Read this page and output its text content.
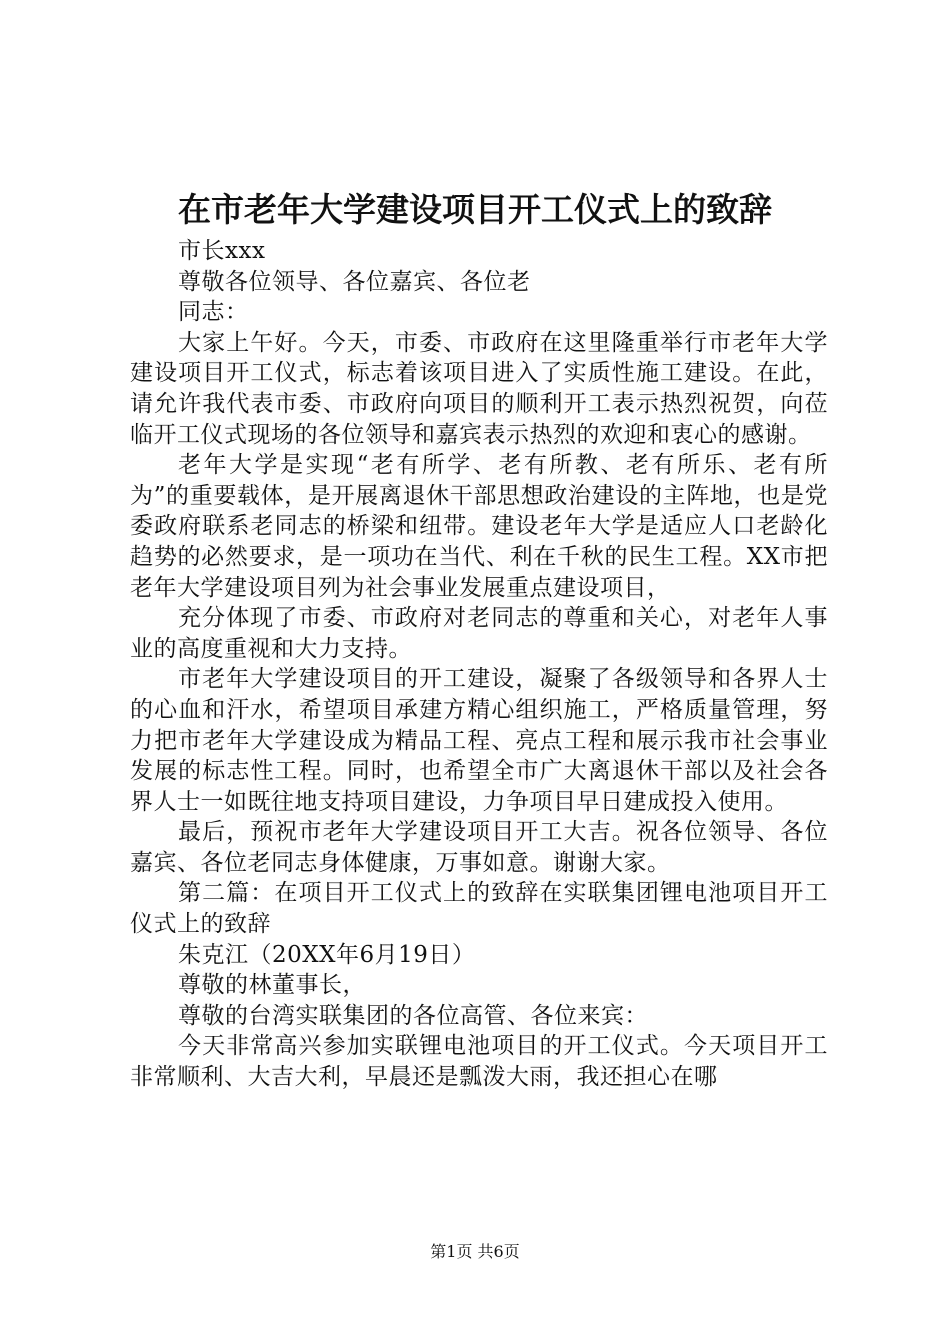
在市老年大学建设项目开工仪式上的致辞

市长xxx

尊敬各位领导、各位嘉宾、各位老

同志：

大家上午好。今天，市委、市政府在这里隆重举行市老年大学建设项目开工仪式，标志着该项目进入了实质性施工建设。在此，请允许我代表市委、市政府向项目的顺利开工表示热烈祝贺，向莅临开工仪式现场的各位领导和嘉宾表示热烈的欢迎和衷心的感谢。

老年大学是实现“老有所学、老有所教、老有所乐、老有所为”的重要载体，是开展离退休干部思想政治建设的主阵地，也是党委政府联系老同志的桥梁和纽带。建设老年大学是适应人口老龄化趋势的必然要求，是一项功在当代、利在千秋的民生工程。XX市把老年大学建设项目列为社会事业发展重点建设项目，

充分体现了市委、市政府对老同志的尊重和关心，对老年人事业的高度重视和大力支持。

市老年大学建设项目的开工建设，凝聚了各级领导和各界人士的心血和汗水，希望项目承建方精心组织施工，严格质量管理，努力把市老年大学建设成为精品工程、亮点工程和展示我市社会事业发展的标志性工程。同时，也希望全市广大离退休干部以及社会各界人士一如既往地支持项目建设，力争项目早日建成投入使用。

最后，预祝市老年大学建设项目开工大吉。祝各位领导、各位嘉宾、各位老同志身体健康，万事如意。谢谢大家。

第二篇：在项目开工仪式上的致辞在实联集团锂电池项目开工仪式上的致辞

朱克江（20XX年6月19日）

尊敬的林董事长，

尊敬的台湾实联集团的各位高管、各位来宾：

今天非常高兴参加实联锂电池项目的开工仪式。今天项目开工非常顺利、大吉大利，早晨还是瓢泼大雨，我还担心在哪

第1页 共6页
